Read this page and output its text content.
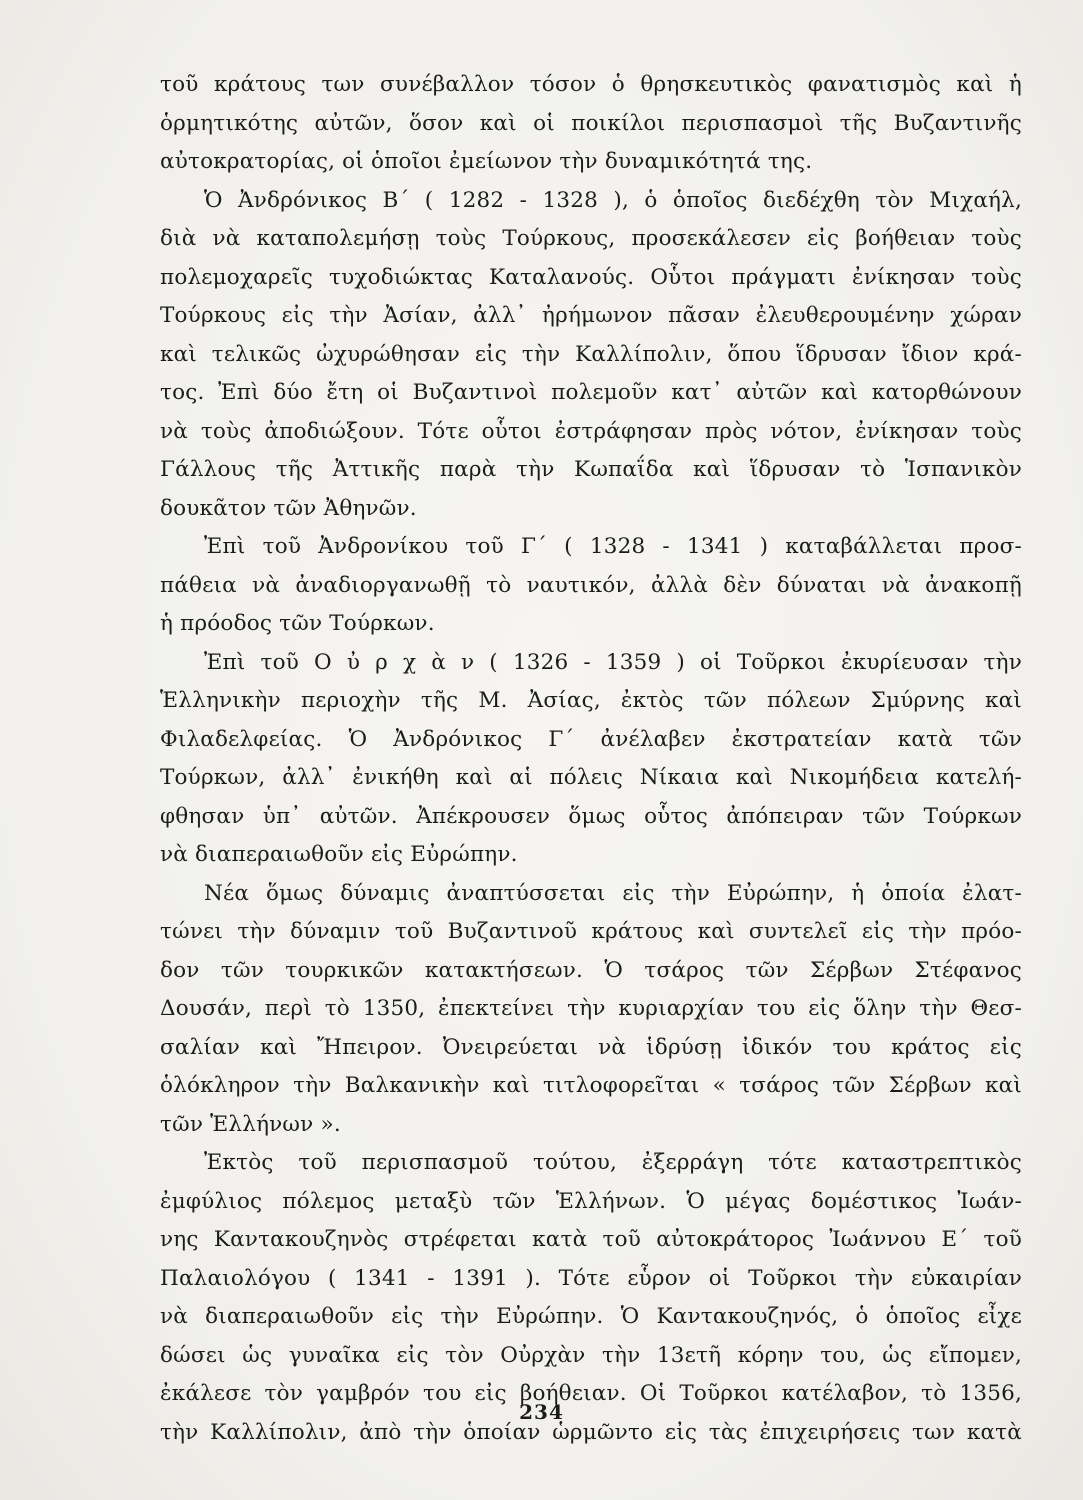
τοῦ κράτους των συνέβαλλον τόσον ὁ θρησκευτικὸς φανατισμὸς καὶ ἡ
ὁρμητικότης αὐτῶν, ὅσον καὶ οἱ ποικίλοι περισπασμοὶ τῆς Βυζαντινῆς
αὐτοκρατορίας, οἱ ὁποῖοι ἐμείωνον τὴν δυναμικότητά της.
Ὁ Ἀνδρόνικος Β΄ ( 1282 - 1328 ), ὁ ὁποῖος διεδέχθη τὸν Μιχαήλ,
διὰ νὰ καταπολεμήσῃ τοὺς Τούρκους, προσεκάλεσεν εἰς βοήθειαν τοὺς
πολεμοχαρεῖς τυχοδιώκτας Καταλανούς. Οὗτοι πράγματι ἐνίκησαν τοὺς
Τούρκους εἰς τὴν Ἀσίαν, ἀλλ᾽ ἠρήμωνον πᾶσαν ἐλευθερουμένην χώραν
καὶ τελικῶς ὠχυρώθησαν εἰς τὴν Καλλίπολιν, ὅπου ἵδρυσαν ἴδιον κρά-
τος. Ἐπὶ δύο ἔτη οἱ Βυζαντινοὶ πολεμοῦν κατ᾽ αὐτῶν καὶ κατορθώνουν
νὰ τοὺς ἀποδιώξουν. Τότε οὗτοι ἐστράφησαν πρὸς νότον, ἐνίκησαν τοὺς
Γάλλους τῆς Ἀττικῆς παρὰ τὴν Κωπαΐδα καὶ ἵδρυσαν τὸ Ἱσπανικὸν
δουκᾶτον τῶν Ἀθηνῶν.
Ἐπὶ τοῦ Ἀνδρονίκου τοῦ Γ΄ ( 1328 - 1341 ) καταβάλλεται προσ-
πάθεια νὰ ἀναδιοργανωθῇ τὸ ναυτικόν, ἀλλὰ δὲν δύναται νὰ ἀνακοπῇ
ἡ πρόοδος τῶν Τούρκων.
Ἐπὶ τοῦ Ο ὐ ρ χ ὰ ν ( 1326 - 1359 ) οἱ Τοῦρκοι ἐκυρίευσαν τὴν
Ἑλληνικὴν περιοχὴν τῆς Μ. Ἀσίας, ἐκτὸς τῶν πόλεων Σμύρνης καὶ
Φιλαδελφείας. Ὁ Ἀνδρόνικος Γ΄ ἀνέλαβεν ἐκστρατείαν κατὰ τῶν
Τούρκων, ἀλλ᾽ ἐνικήθη καὶ αἱ πόλεις Νίκαια καὶ Νικομήδεια κατελή-
φθησαν ὑπ᾽ αὐτῶν. Ἀπέκρουσεν ὅμως οὗτος ἀπόπειραν τῶν Τούρκων
νὰ διαπεραιωθοῦν εἰς Εὐρώπην.
Νέα ὅμως δύναμις ἀναπτύσσεται εἰς τὴν Εὐρώπην, ἡ ὁποία ἐλατ-
τώνει τὴν δύναμιν τοῦ Βυζαντινοῦ κράτους καὶ συντελεῖ εἰς τὴν πρόο-
δον τῶν τουρκικῶν κατακτήσεων. Ὁ τσάρος τῶν Σέρβων Στέφανος
Δουσάν, περὶ τὸ 1350, ἐπεκτείνει τὴν κυριαρχίαν του εἰς ὅλην τὴν Θεσ-
σαλίαν καὶ Ἤπειρον. Ὀνειρεύεται νὰ ἱδρύσῃ ἰδικόν του κράτος εἰς
ὁλόκληρον τὴν Βαλκανικὴν καὶ τιτλοφορεῖται « τσάρος τῶν Σέρβων καὶ
τῶν Ἑλλήνων ».
Ἐκτὸς τοῦ περισπασμοῦ τούτου, ἐξερράγη τότε καταστρεπτικὸς
ἐμφύλιος πόλεμος μεταξὺ τῶν Ἑλλήνων. Ὁ μέγας δομέστικος Ἰωάν-
νης Καντακουζηνὸς στρέφεται κατὰ τοῦ αὐτοκράτορος Ἰωάννου Ε΄ τοῦ
Παλαιολόγου ( 1341 - 1391 ). Τότε εὗρον οἱ Τοῦρκοι τὴν εὐκαιρίαν
νὰ διαπεραιωθοῦν εἰς τὴν Εὐρώπην. Ὁ Καντακουζηνός, ὁ ὁποῖος εἶχε
δώσει ὡς γυναῖκα εἰς τὸν Οὐρχὰν τὴν 13ετῆ κόρην του, ὡς εἴπομεν,
ἐκάλεσε τὸν γαμβρόν του εἰς βοήθειαν. Οἱ Τοῦρκοι κατέλαβον, τὸ 1356,
τὴν Καλλίπολιν, ἀπὸ τὴν ὁποίαν ὡρμῶντο εἰς τὰς ἐπιχειρήσεις των κατὰ
234
